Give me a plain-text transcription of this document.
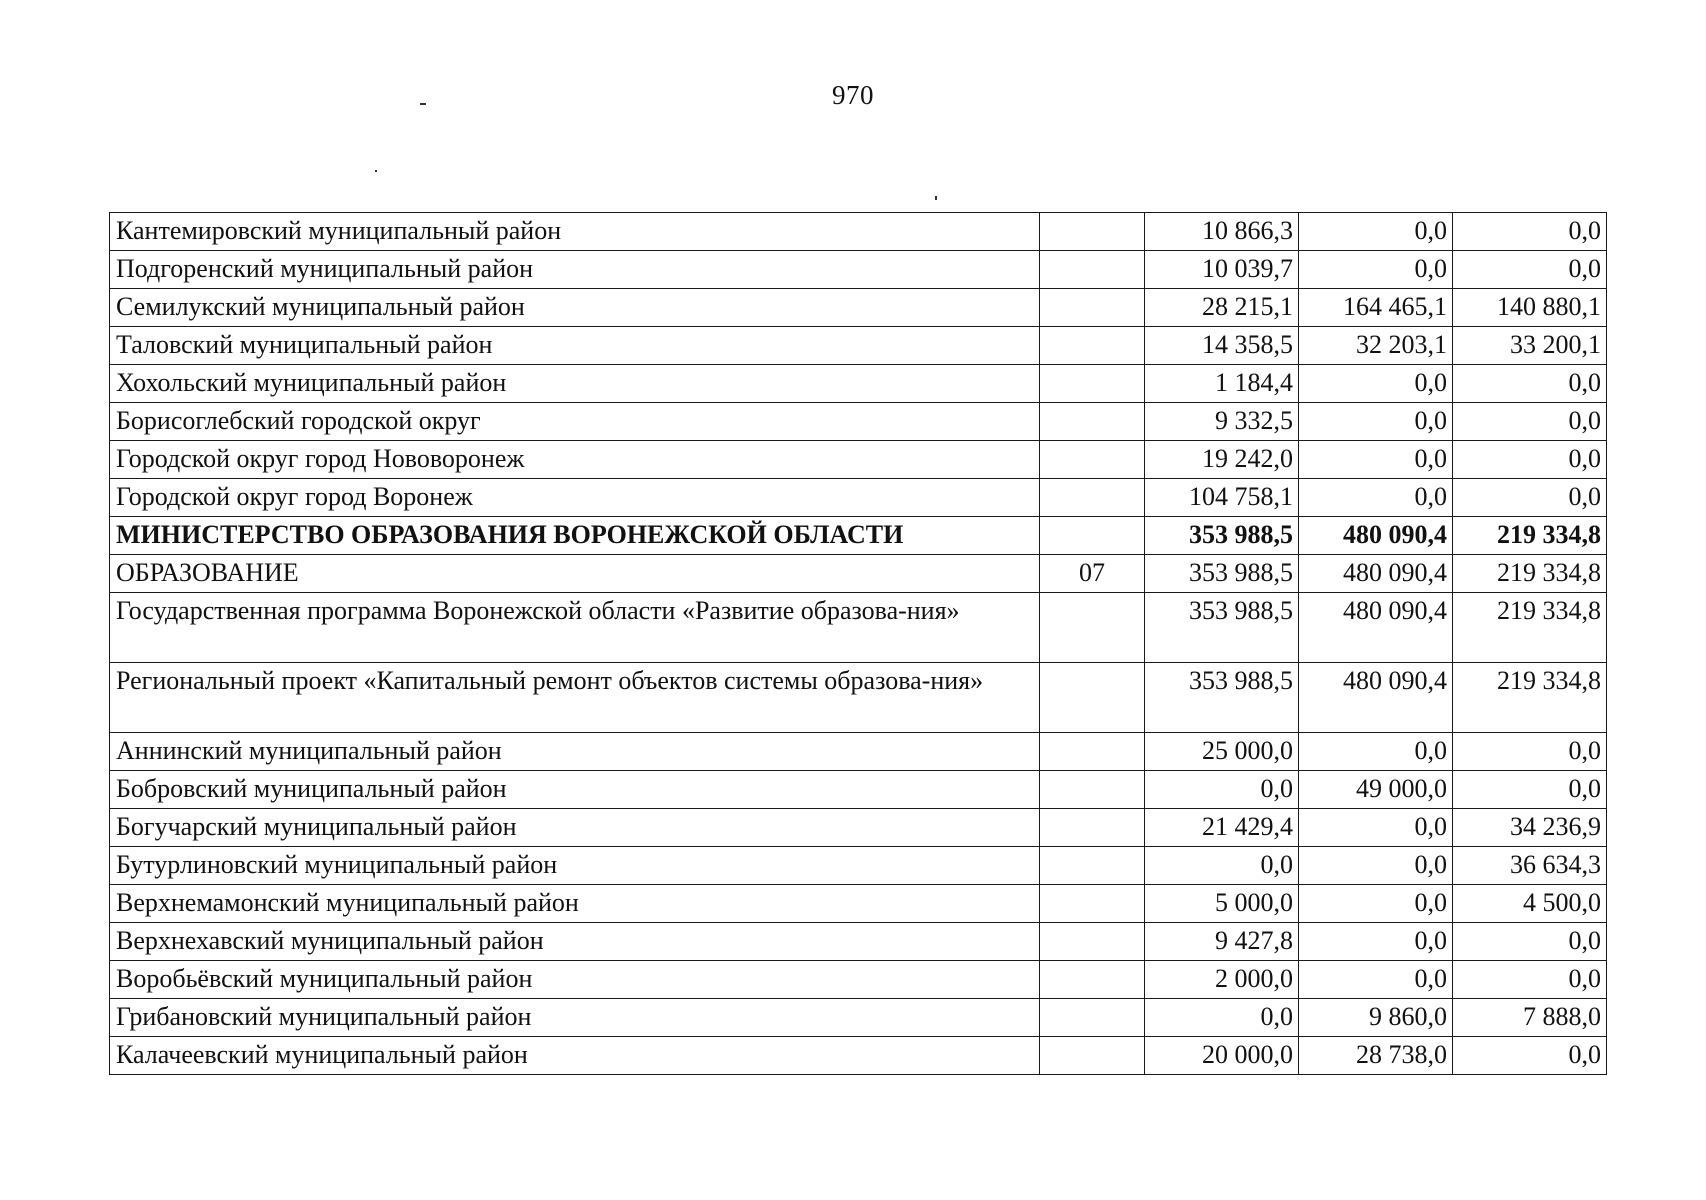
970
Кантемировский муниципальный район		10 866,3	0,0	0,0
Подгоренский муниципальный район		10 039,7	0,0	0,0
Семилукский муниципальный район		28 215,1	164 465,1	140 880,1
Таловский муниципальный район		14 358,5	32 203,1	33 200,1
Хохольский муниципальный район		1 184,4	0,0	0,0
Борисоглебский городской округ		9 332,5	0,0	0,0
Городской округ город Нововоронеж		19 242,0	0,0	0,0
Городской округ город Воронеж		104 758,1	0,0	0,0
МИНИСТЕРСТВО ОБРАЗОВАНИЯ ВОРОНЕЖСКОЙ ОБЛАСТИ		353 988,5	480 090,4	219 334,8
ОБРАЗОВАНИЕ	07	353 988,5	480 090,4	219 334,8
Государственная программа Воронежской области «Развитие образова-ния»		353 988,5	480 090,4	219 334,8
Региональный проект «Капитальный ремонт объектов системы образова-ния»		353 988,5	480 090,4	219 334,8
Аннинский муниципальный район		25 000,0	0,0	0,0
Бобровский муниципальный район		0,0	49 000,0	0,0
Богучарский муниципальный район		21 429,4	0,0	34 236,9
Бутурлиновский муниципальный район		0,0	0,0	36 634,3
Верхнемамонский муниципальный район		5 000,0	0,0	4 500,0
Верхнехавский муниципальный район		9 427,8	0,0	0,0
Воробьёвский муниципальный район		2 000,0	0,0	0,0
Грибановский муниципальный район		0,0	9 860,0	7 888,0
Калачеевский муниципальный район		20 000,0	28 738,0	0,0
